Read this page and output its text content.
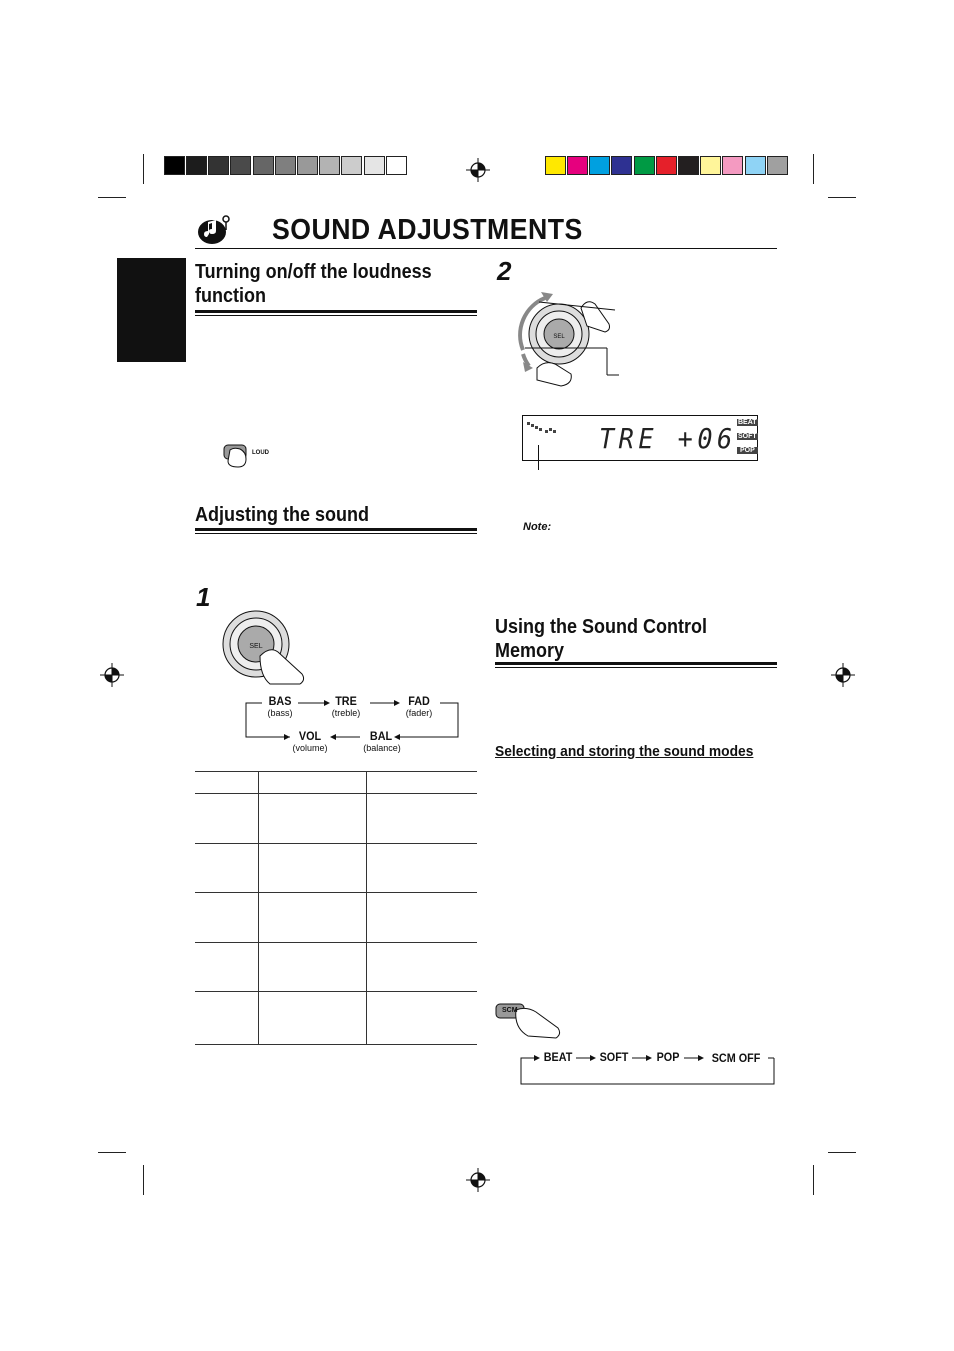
SOUND ADJUSTMENTS
Turning on/off the loudness function
LOUD
Adjusting the sound
1
SEL
BAS
(bass)
TRE
(treble)
FAD
(fader)
VOL
(volume)
BAL
(balance)
2
SEL
TRE +06 BEAT
SOFT
POP
Note:
Using the Sound Control Memory
Selecting and storing the sound modes
SCM
BEAT SOFT POP	SCM OFF
